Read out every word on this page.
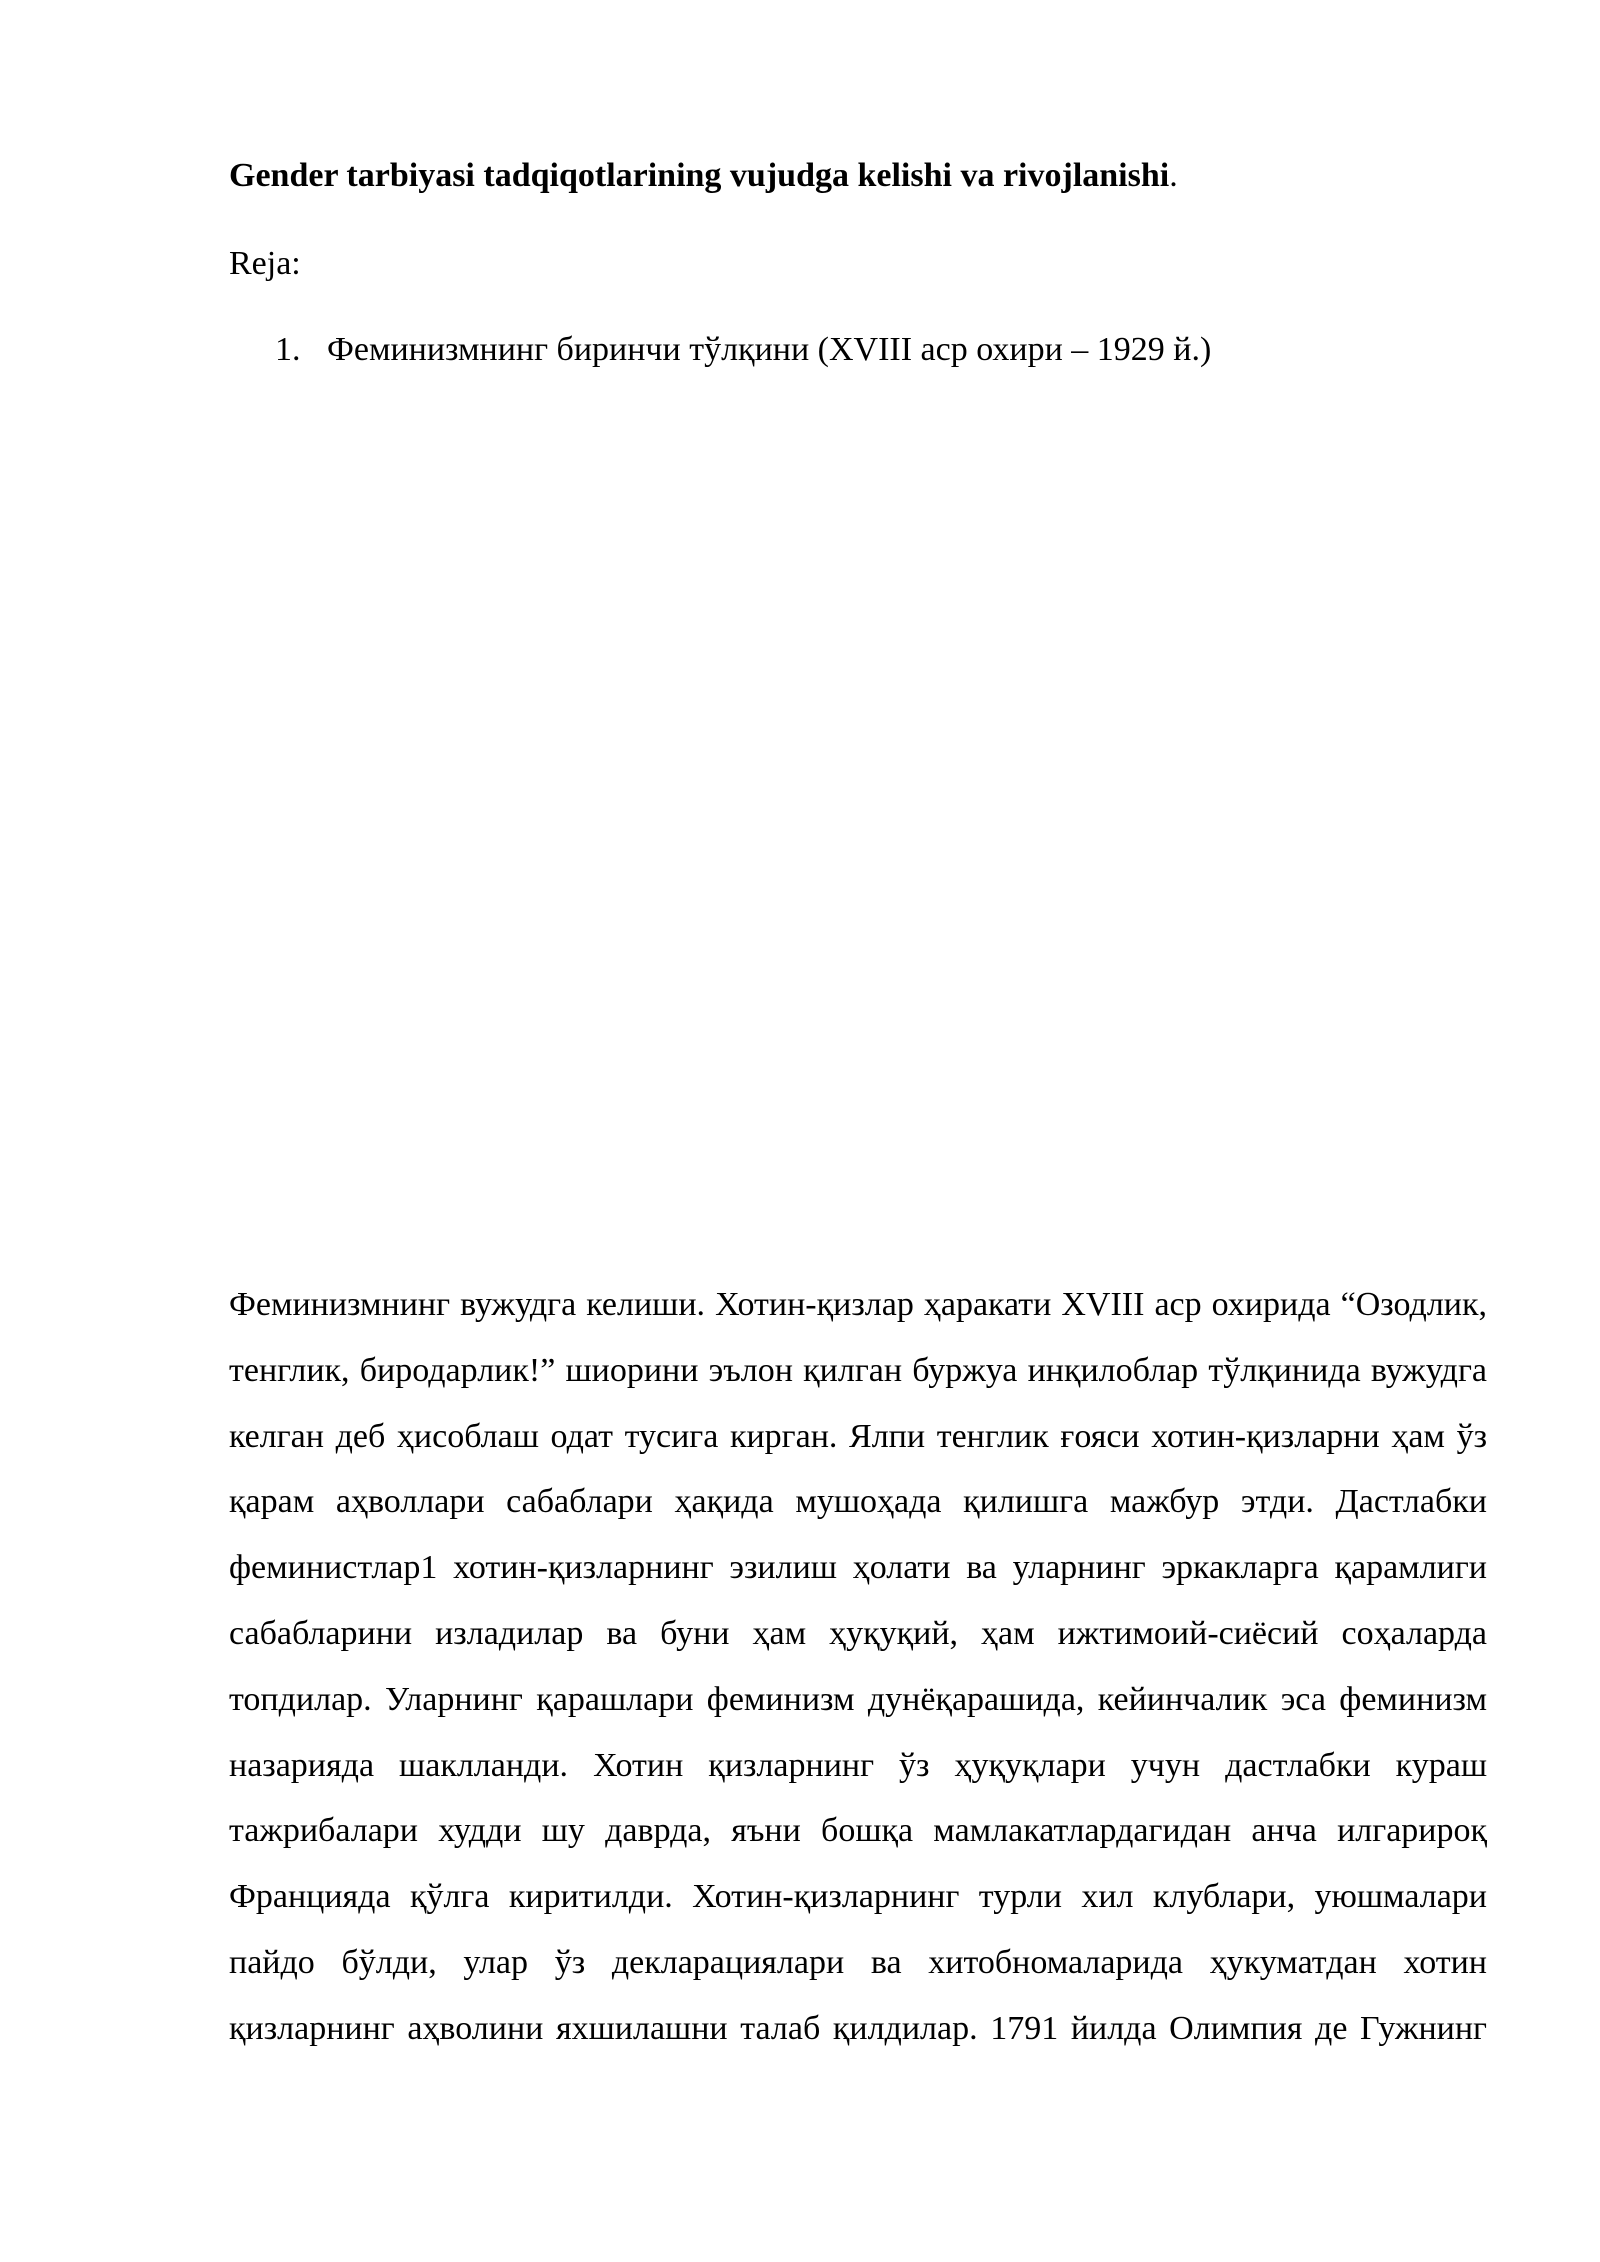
Gender tarbiyasi tadqiqotlarining vujudga kelishi va rivojlanishi.

Reja:

1. Феминизмнинг биринчи тўлқини (XVIII аср охири – 1929 й.)

Феминизмнинг вужудга келиши. Хотин-қизлар ҳаракати XVIII аср охирида “Озодлик, тенглик, биродарлик!” шиорини эълон қилган буржуа инқилоблар тўлқинида вужудга келган деб ҳисоблаш одат тусига кирган. Ялпи тенглик ғояси хотин-қизларни ҳам ўз қарам аҳволлари сабаблари ҳақида мушоҳада қилишга мажбур этди. Дастлабки феминистлар1 хотин-қизларнинг эзилиш ҳолати ва уларнинг эркакларга қарамлиги сабабларини изладилар ва буни ҳам ҳуқуқий, ҳам ижтимоий-сиёсий соҳаларда топдилар. Уларнинг қарашлари феминизм дунёқарашида, кейинчалик эса феминизм назарияда шаклланди. Хотин қизларнинг ўз ҳуқуқлари учун дастлабки кураш тажрибалари худди шу даврда, яъни бошқа мамлакатлардагидан анча илгарироқ Францияда қўлга киритилди. Хотин-қизларнинг турли хил клублари, уюшмалари пайдо бўлди, улар ўз декларациялари ва хитобномаларида ҳукуматдан хотин қизларнинг аҳволини яхшилашни талаб қилдилар. 1791 йилда Олимпия де Гужнинг
